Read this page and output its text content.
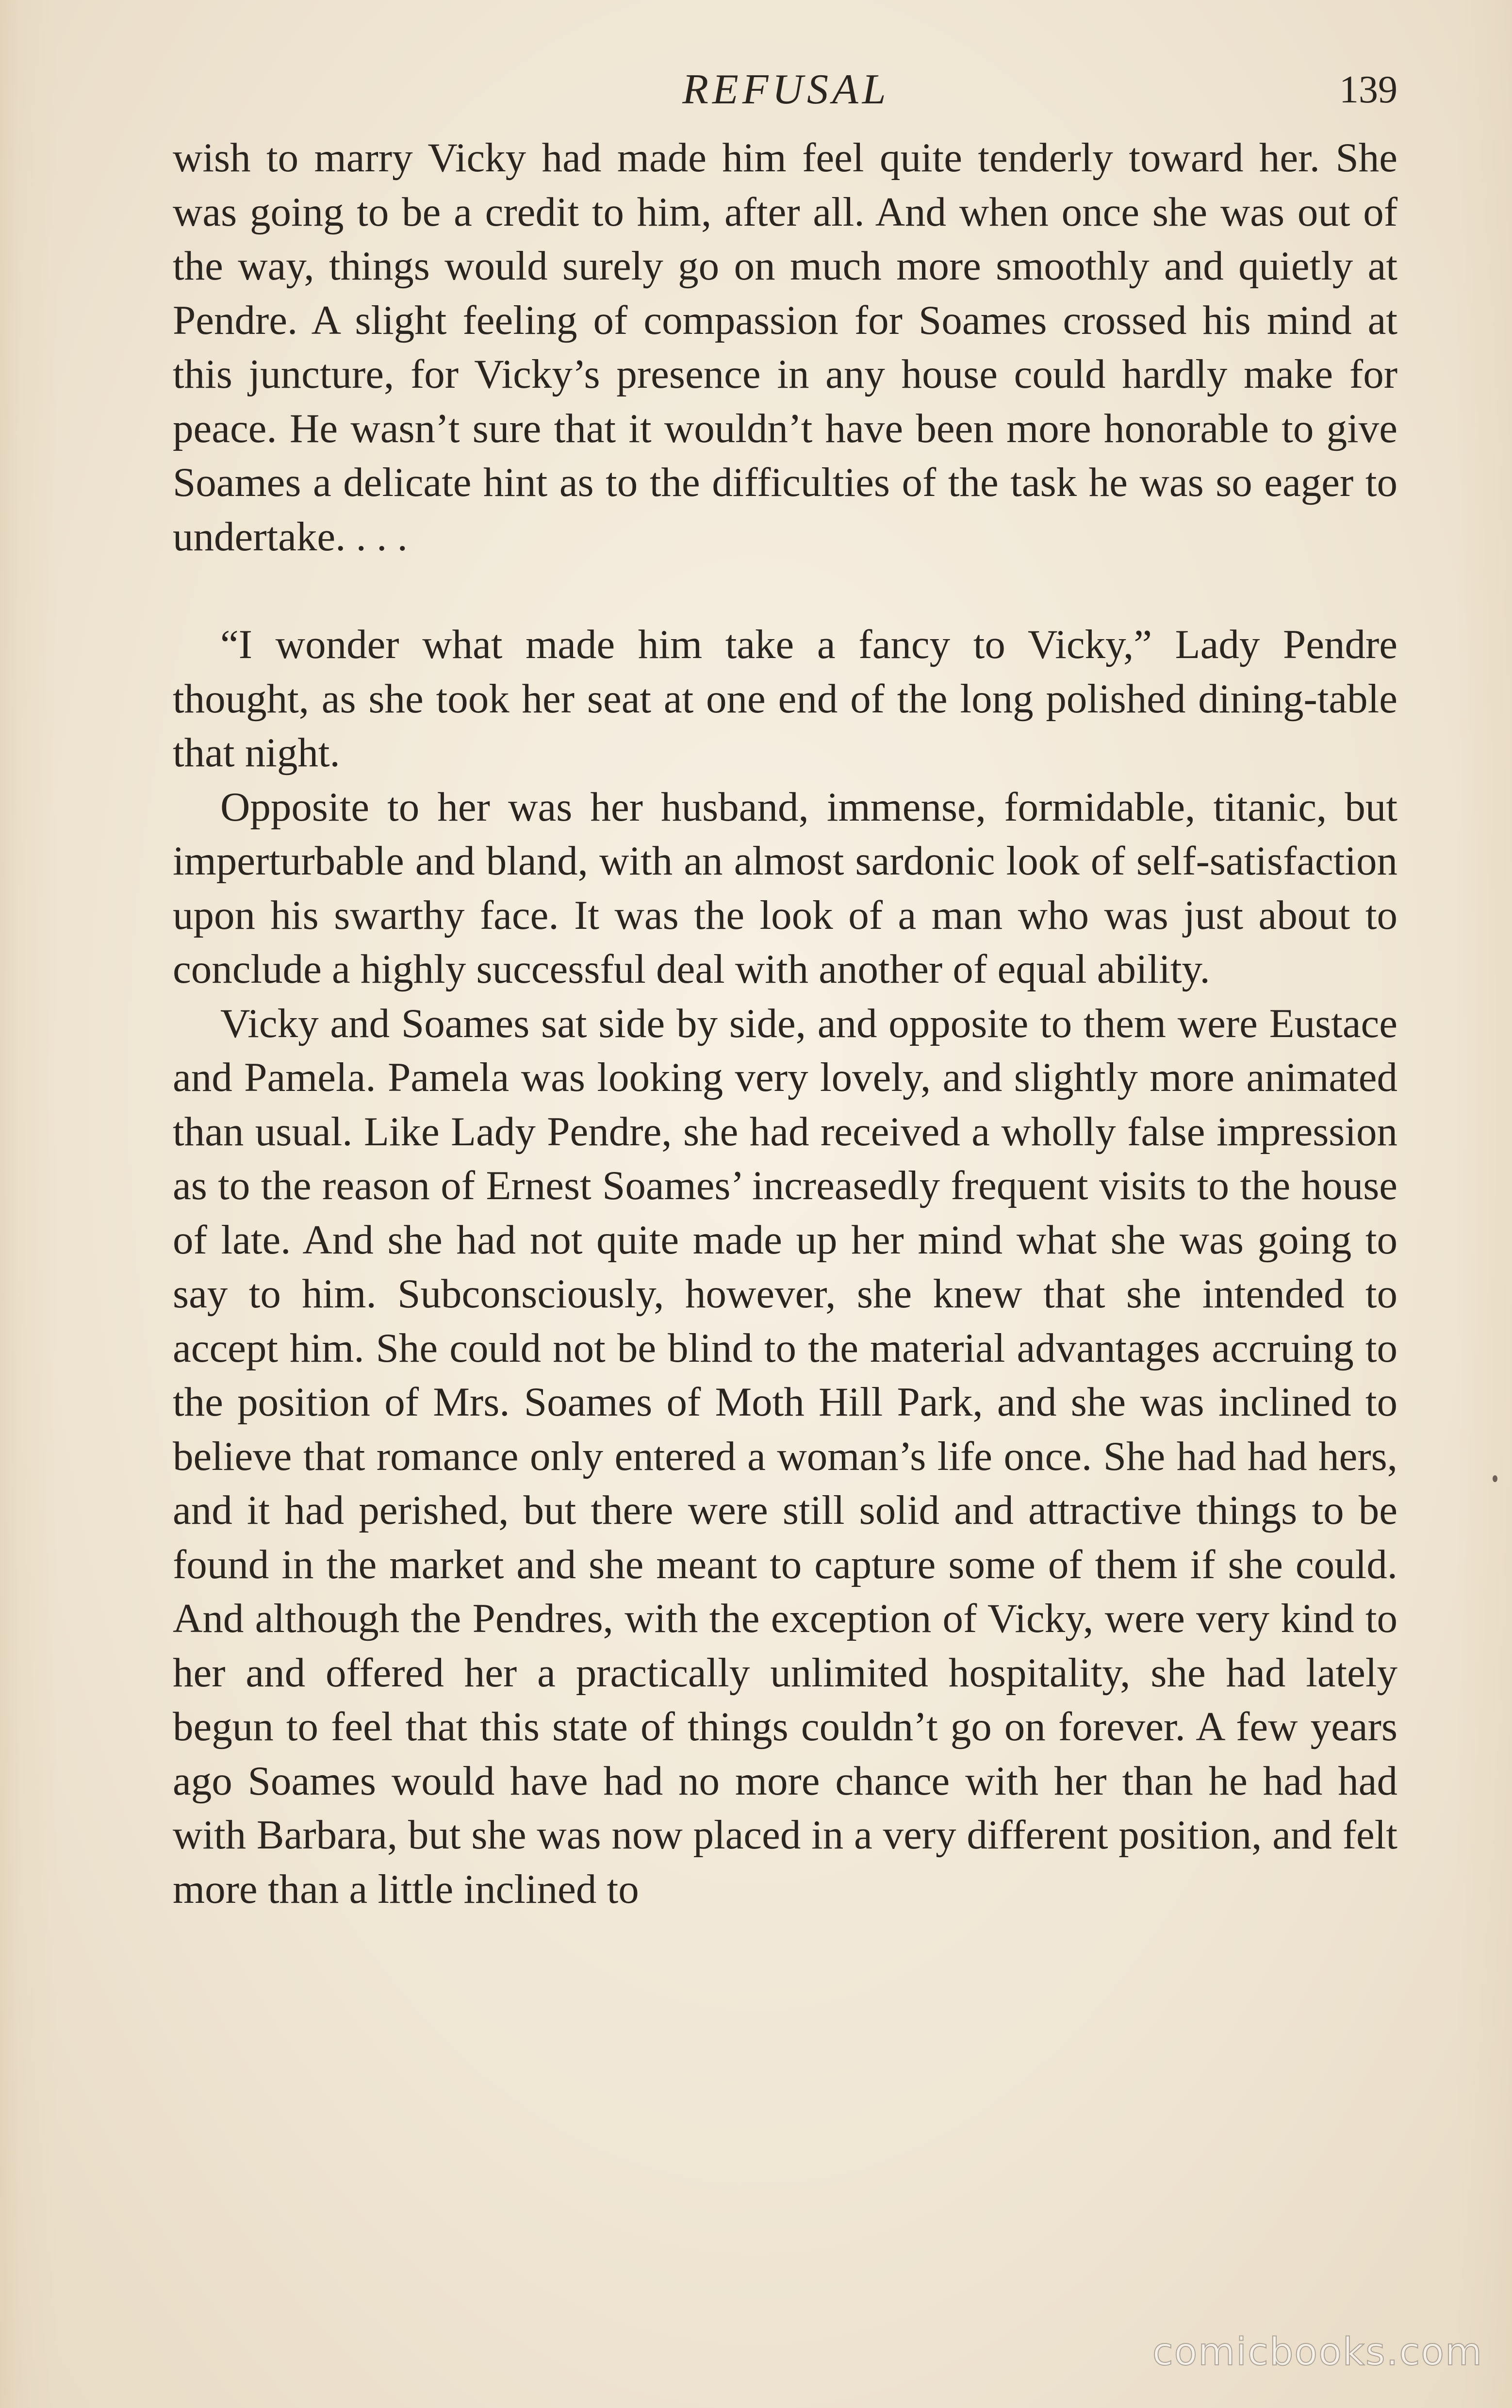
REFUSAL	139

wish to marry Vicky had made him feel quite tenderly toward her. She was going to be a credit to him, after all. And when once she was out of the way, things would surely go on much more smoothly and quietly at Pendre. A slight feeling of compassion for Soames crossed his mind at this juncture, for Vicky’s presence in any house could hardly make for peace. He wasn’t sure that it wouldn’t have been more honorable to give Soames a delicate hint as to the difficulties of the task he was so eager to undertake. . . .

“I wonder what made him take a fancy to Vicky,” Lady Pendre thought, as she took her seat at one end of the long polished dining-table that night.

Opposite to her was her husband, immense, formidable, titanic, but imperturbable and bland, with an almost sardonic look of self-satisfaction upon his swarthy face. It was the look of a man who was just about to conclude a highly successful deal with another of equal ability.

Vicky and Soames sat side by side, and opposite to them were Eustace and Pamela. Pamela was looking very lovely, and slightly more animated than usual. Like Lady Pendre, she had received a wholly false impression as to the reason of Ernest Soames’ increasedly frequent visits to the house of late. And she had not quite made up her mind what she was going to say to him. Subconsciously, however, she knew that she intended to accept him. She could not be blind to the material advantages accruing to the position of Mrs. Soames of Moth Hill Park, and she was inclined to believe that romance only entered a woman’s life once. She had had hers, and it had perished, but there were still solid and attractive things to be found in the market and she meant to capture some of them if she could. And although the Pendres, with the exception of Vicky, were very kind to her and offered her a practically unlimited hospitality, she had lately begun to feel that this state of things couldn’t go on forever. A few years ago Soames would have had no more chance with her than he had had with Barbara, but she was now placed in a very different position, and felt more than a little inclined to

comicbooks.com
